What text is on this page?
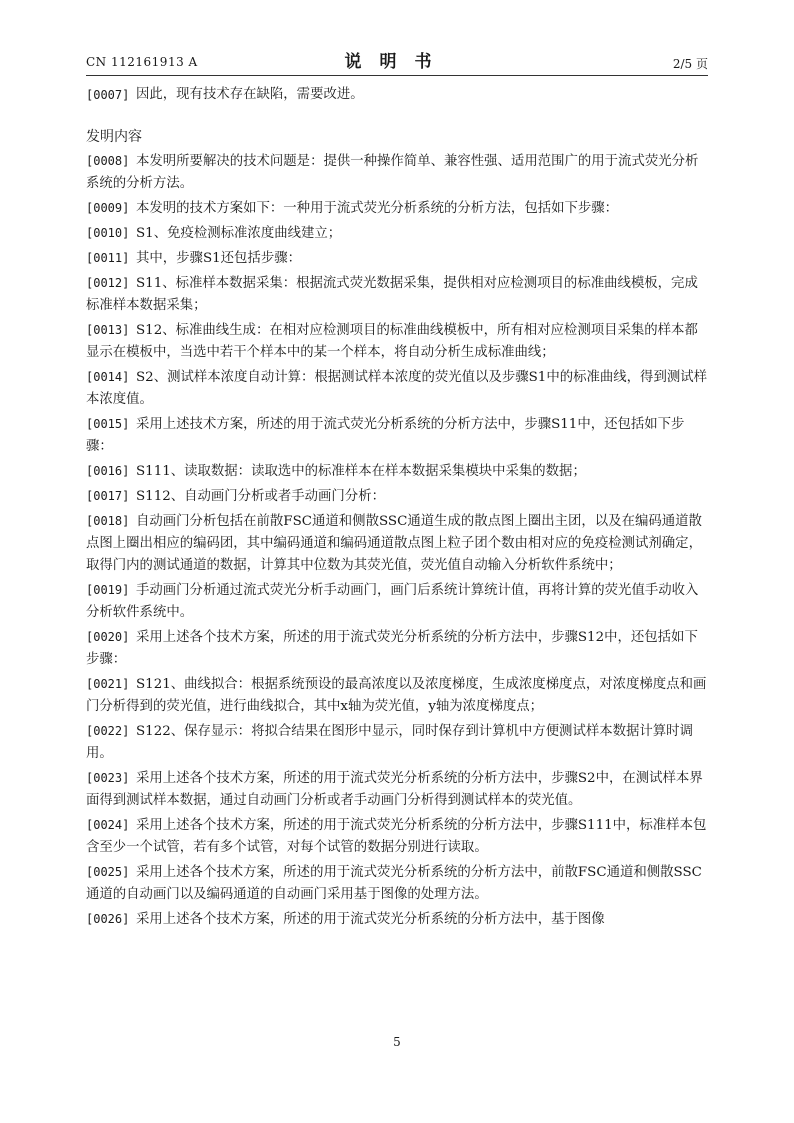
CN 112161913 A	说明书	2/5 页
[0007] 因此，现有技术存在缺陷，需要改进。
发明内容
[0008] 本发明所要解决的技术问题是：提供一种操作简单、兼容性强、适用范围广的用于流式荧光分析系统的分析方法。
[0009] 本发明的技术方案如下：一种用于流式荧光分析系统的分析方法，包括如下步骤：
[0010] S1、免疫检测标准浓度曲线建立；
[0011] 其中，步骤S1还包括步骤：
[0012] S11、标准样本数据采集：根据流式荧光数据采集，提供相对应检测项目的标准曲线模板，完成标准样本数据采集；
[0013] S12、标准曲线生成：在相对应检测项目的标准曲线模板中，所有相对应检测项目采集的样本都显示在模板中，当选中若干个样本中的某一个样本，将自动分析生成标准曲线；
[0014] S2、测试样本浓度自动计算：根据测试样本浓度的荧光值以及步骤S1中的标准曲线，得到测试样本浓度值。
[0015] 采用上述技术方案，所述的用于流式荧光分析系统的分析方法中，步骤S11中，还包括如下步骤：
[0016] S111、读取数据：读取选中的标准样本在样本数据采集模块中采集的数据；
[0017] S112、自动画门分析或者手动画门分析：
[0018] 自动画门分析包括在前散FSC通道和侧散SSC通道生成的散点图上圈出主团，以及在编码通道散点图上圈出相应的编码团，其中编码通道和编码通道散点图上粒子团个数由相对应的免疫检测试剂确定，取得门内的测试通道的数据，计算其中位数为其荧光值，荧光值自动输入分析软件系统中；
[0019] 手动画门分析通过流式荧光分析手动画门，画门后系统计算统计值，再将计算的荧光值手动收入分析软件系统中。
[0020] 采用上述各个技术方案，所述的用于流式荧光分析系统的分析方法中，步骤S12中，还包括如下步骤：
[0021] S121、曲线拟合：根据系统预设的最高浓度以及浓度梯度，生成浓度梯度点，对浓度梯度点和画门分析得到的荧光值，进行曲线拟合，其中x轴为荧光值，y轴为浓度梯度点；
[0022] S122、保存显示：将拟合结果在图形中显示，同时保存到计算机中方便测试样本数据计算时调用。
[0023] 采用上述各个技术方案，所述的用于流式荧光分析系统的分析方法中，步骤S2中，在测试样本界面得到测试样本数据，通过自动画门分析或者手动画门分析得到测试样本的荧光值。
[0024] 采用上述各个技术方案，所述的用于流式荧光分析系统的分析方法中，步骤S111中，标准样本包含至少一个试管，若有多个试管，对每个试管的数据分别进行读取。
[0025] 采用上述各个技术方案，所述的用于流式荧光分析系统的分析方法中，前散FSC通道和侧散SSC通道的自动画门以及编码通道的自动画门采用基于图像的处理方法。
[0026] 采用上述各个技术方案，所述的用于流式荧光分析系统的分析方法中，基于图像
5
